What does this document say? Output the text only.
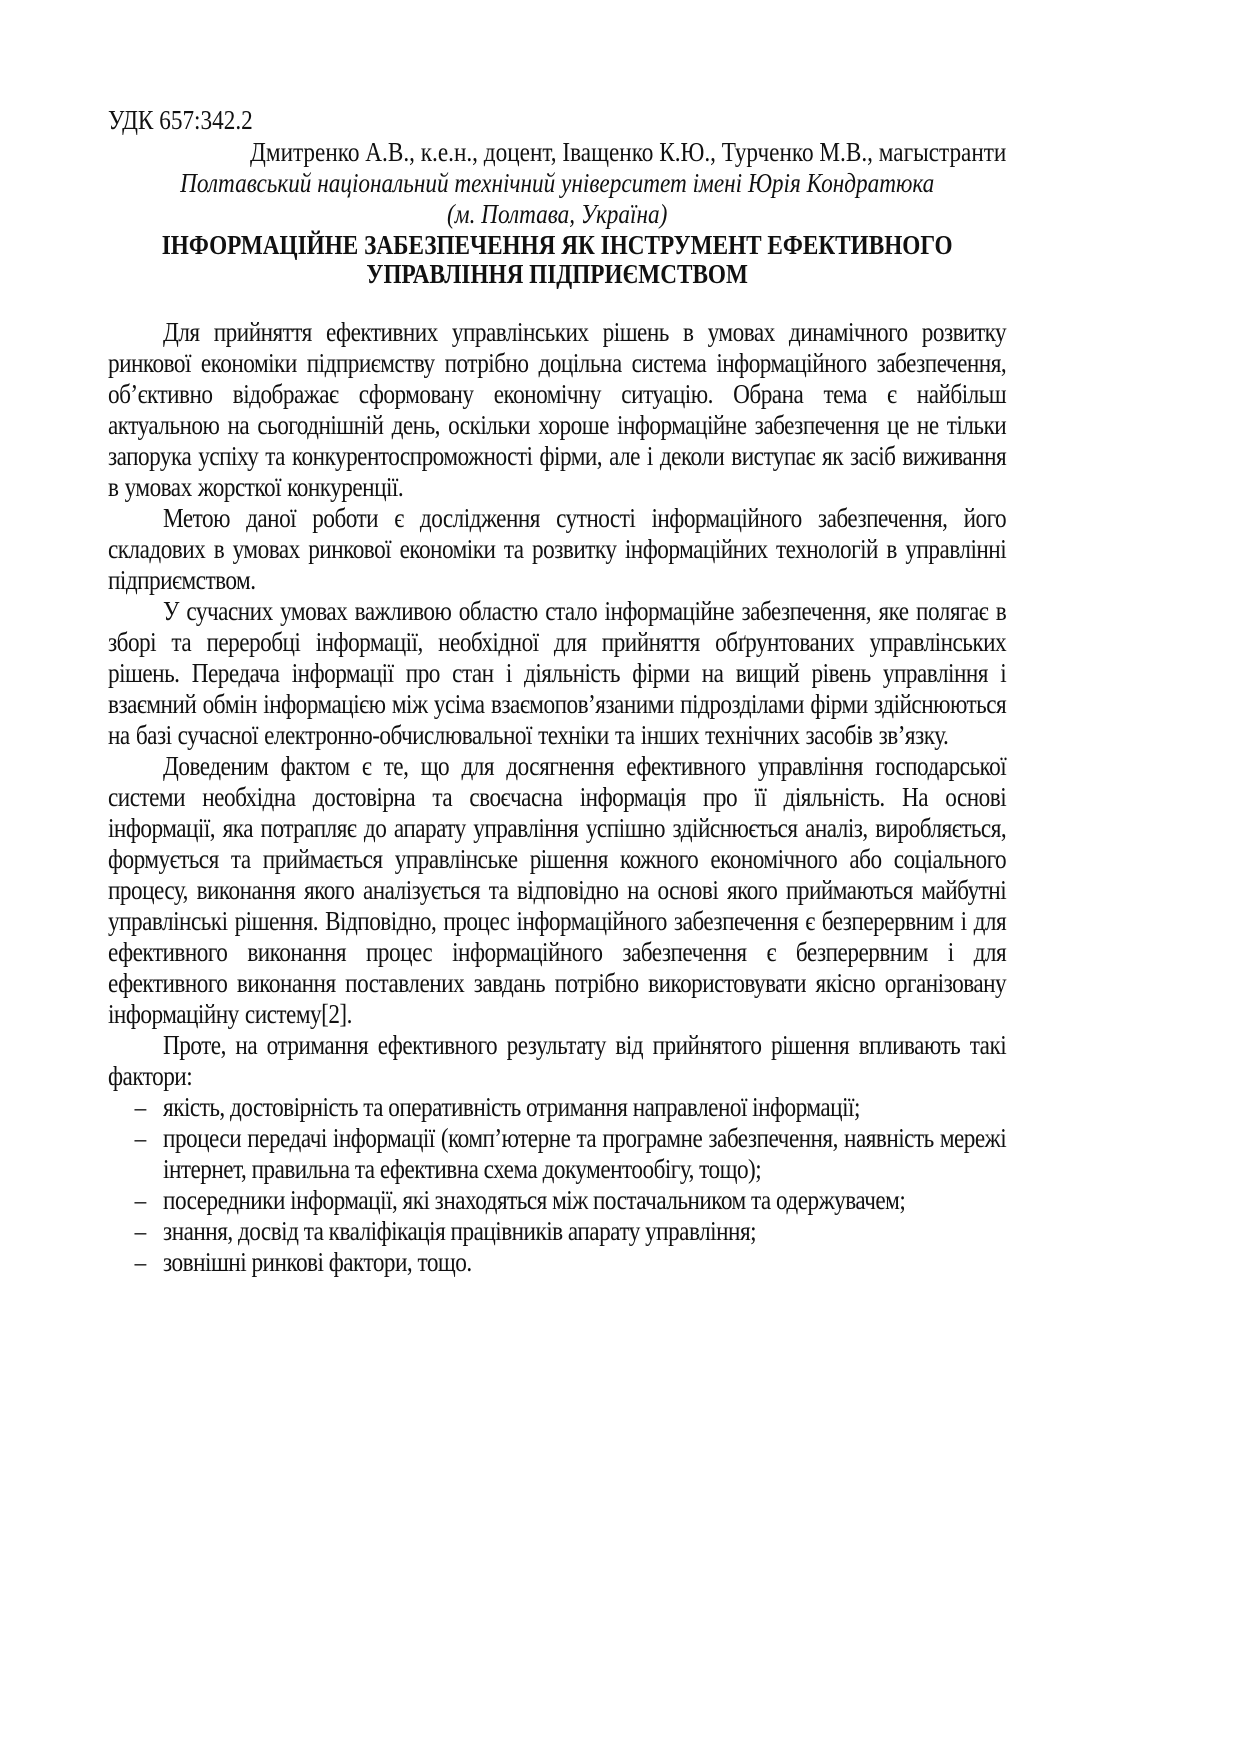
УДК 657:342.2
Дмитренко А.В., к.е.н., доцент, Іващенко К.Ю., Турченко М.В., магыстранти
Полтавський національний технічний університет імені Юрія Кондратюка
(м. Полтава, Україна)
ІНФОРМАЦІЙНЕ ЗАБЕЗПЕЧЕННЯ ЯК ІНСТРУМЕНТ ЕФЕКТИВНОГО
УПРАВЛІННЯ ПІДПРИЄМСТВОМ

Для прийняття ефективних управлінських рішень в умовах динамічного розвитку ринкової економіки підприємству потрібно доцільна система інформаційного забезпечення, об’єктивно відображає сформовану економічну ситуацію. Обрана тема є найбільш актуальною на сьогоднішній день, оскільки хороше інформаційне забезпечення це не тільки запорука успіху та конкурентоспроможності фірми, але і деколи виступає як засіб виживання в умовах жорсткої конкуренції.

Метою даної роботи є дослідження сутності інформаційного забезпечення, його складових в умовах ринкової економіки та розвитку інформаційних технологій в управлінні підприємством.

У сучасних умовах важливою областю стало інформаційне забезпечення, яке полягає в зборі та переробці інформації, необхідної для прийняття обґрунтованих управлінських рішень. Передача інформації про стан і діяльність фірми на вищий рівень управління і взаємний обмін інформацією між усіма взаємопов’язаними підрозділами фірми здійснюються на базі сучасної електронно-обчислювальної техніки та інших технічних засобів зв’язку.

Доведеним фактом є те, що для досягнення ефективного управління господарської системи необхідна достовірна та своєчасна інформація про її діяльність. На основі інформації, яка потрапляє до апарату управління успішно здійснюється аналіз, виробляється, формується та приймається управлінське рішення кожного економічного або соціального процесу, виконання якого аналізується та відповідно на основі якого приймаються майбутні управлінські рішення. Відповідно, процес інформаційного забезпечення є безперервним і для ефективного виконання процес інформаційного забезпечення є безперервним і для ефективного виконання поставлених завдань потрібно використовувати якісно організовану інформаційну систему[2].

Проте, на отримання ефективного результату від прийнятого рішення впливають такі фактори:

– якість, достовірність та оперативність отримання направленої інформації;
– процеси передачі інформації (комп’ютерне та програмне забезпечення, наявність мережі інтернет, правильна та ефективна схема документообігу, тощо);
– посередники інформації, які знаходяться між постачальником та одержувачем;
– знання, досвід та кваліфікація працівників апарату управління;
– зовнішні ринкові фактори, тощо.
